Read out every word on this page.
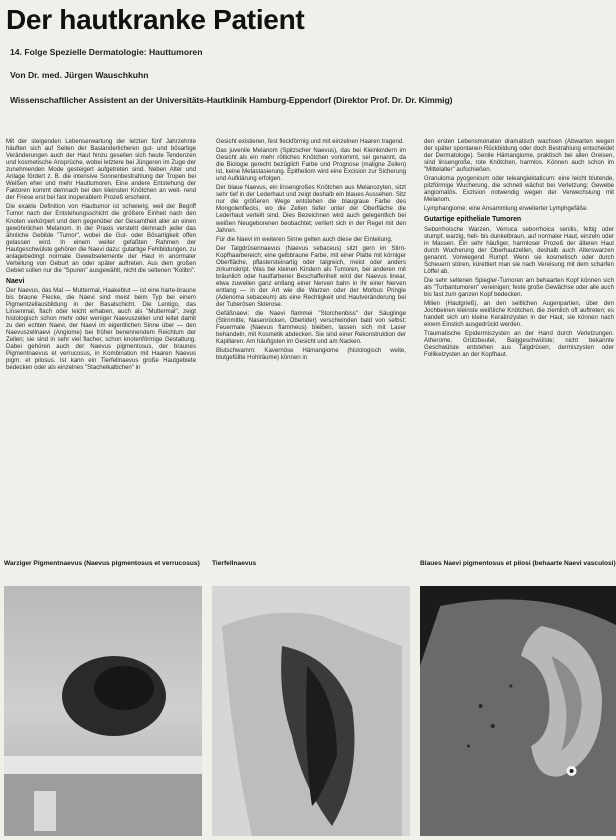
Der hautkranke Patient
14. Folge Spezielle Dermatologie: Hauttumoren
Von Dr. med. Jürgen Wauschkuhn
Wissenschaftlicher Assistent an der Universitäts-Hautklinik Hamburg-Eppendorf (Direktor Prof. Dr. Dr. Kimmig)

Mit der steigenden Lebenserwartung der letzten fünf Jahrzehnte häuften sich auf Seiten der Baslanderlicheren gut- und bösartige Veränderungen auch der Haut hinzu gesellen sich heute Tendenzen und kosmetische Ansprüche, wobei letztere bei Jüngeren im Zuge der zunehmenden Mode gesteigert aufgetreten sind. Neben Alter und Anlage fördert z. B. die intensive Sonnenbestrahlung der Tropen bei Weißen eher und mehr Hauttumoren. Eine andere Entstehung der Faktoren kommt demnach bei den kleinsten Knötchen an weit- rend der Friese erst bei fast inoperablem Prozeß erscheint.

Die exakte Definition von Hauttumor ist schwierig, weil der Begriff Tumor nach der Entstehungsschicht die größere Einheit nach den Knoten verkörpert und dem gegenüber der Gesamtheit aller an einen gewöhnlichen Melanom. In der Praxis versteht demnach jeder das ähnliche Gebilde "Tumor", wobei die Gut- oder Bösartigkeit offen gelassen wird. In einem weiter gefaßten Rahmen der Hautgeschwülste gehören die Naevi dazu: gutartige Fehlbildungen, zu anlagebedingt normale Gewebselemente der Haut in anormaler Verteilung von Geburt an oder später auftreten. Aus dem großen Gebiet sollen nur die "Spuren" ausgewählt, nicht die seltenen "Kolibri".

Naevi

Der Naevus, das Mal — Muttermal, Haakeblut — ist eine harte-braune bis braune Flecke, die Naevi sind meist beim Typ bei einem Pigmentzellausbildung in der Basalschicht. Die Lentigo, das Linsenmal, flach oder leicht erhaben, auch als "Muttermal", zeigt histologisch schon mehr oder weniger Naevuszellen und leitet damit zu den echten Naevi, der Naevi im eigentlichen Sinne über — den Naevuszellnaevi (Angiome) bei früher benennendem Reichtum der Zellen; sie sind in sehr viel flacher, schon knotenförmige Gestaltung. Dabei gehören auch der Naevus pigmentosus, der braunes Pigmentnaevus et verrucosus, in Kombination mit Haaren Naevus pigm. et pilosus. Ist kann ein Tierfellnaevus große Hautgebiete bedecken oder als einzelnes "Stachelkalbchen" in

Gesicht existieren, fest fleckförmig und mit einzelnen Haaren tragend.

Das juvenile Melanom (Spitzscher Naevus), das bei Kleinkindern im Gesicht als ein mehr rötliches Knötchen vorkommt, sei genannt, da die Biologie gerecht bezüglich Farbe und Prognose (maligne Zellen) ist, keine Metastasierung. Epitheliom wird eine Excision zur Sicherung und Aufklärung erfolgen.

Der blaue Naevus, ein linsengroßes Knötchen aus Melanozyten, sitzt sehr tief in der Lederhaut und zeigt deshalb ein blaues Aussehen. Sitz nur die größeren Wege entstehen die blaugraue Farbe des Mongolenflecks, wo die Zellen tiefer unter der Oberfläche die Lederhaut verteilt sind. Dies Bezeichnen wird auch gelegentlich bei weißen Neugeborenen beobachtet; verliert sich in der Regel mit den Jahren.

Für die Naevi im weiteren Sinne gelten auch diese der Einteilung.

Der Talgdrüsennaevus (Naevus sebaceus) sitzt gern im Stirn-Kopfhaarbereich; eine gelbbraune Farbe, mit einer Platte mit körniger Oberfläche, pflastersteinartig oder talgreich, meist oder anders zirkumskript. Was bei kleinen Kindern als Tumoren, bei anderen mit bräunlich oder hautfarbener Beschaffenheit wird der Naevus linear, etwa zuweilen ganz entlang einer Nerven bahn in ihr einer Nerven entlang — in der Art wie die Warzen oder der Morbus Pringle (Adenoma sebaceum) als eine Rechtigkeit und Hautveränderung bei der Tuberösen Sklerose.

Gefäßnaevi: die Naevi flammei "Storchenbiss" der Säuglinge (Stirnmitte, Nasenrücken, Oberlider) verschwinden bald von selbst; Feuermale (Naevus flammeus) bleiben, lassen sich mit Laser behandeln, mit Kosmetik abdecken. Sie sind einer Rekonstruktion der Kapillaren. Am häufigsten im Gesicht und am Nacken.

Blutschwamm: Kavernöse Hämangiome (histologisch weite, blutgefüllte Hohlräume) können in

den ersten Lebensmonaten dramatisch wachsen (Abwarten wegen der später spontanen Rückbildung oder doch Bestrahlung entscheidet der Dermatologe). Senile Hämangiome, praktisch bei allen Greisen, sind linsengroße, rote Knötchen, harmlos. Können auch schon im "Mittelalter" aufschießen.

Granuloma pyogenicum oder teleangiektaticum: eine leicht blutende, pilzförmige Wucherung, die schnell wächst bei Verletzung; Gewebe angiomatös. Exzision notwendig wegen der Verwechslung mit Melanom.

Lymphangiome: eine Ansammlung erweiterter Lymphgefäße.

Gutartige epitheliale Tumoren

Seborrhoische Warzen, Verruca seborrhoica senilis, fettig oder stumpf, warzig, hell- bis dunkelbraun, auf normaler Haut, einzeln oder in Massen. Ein sehr häufiger, harmloser Prozeß der älteren Haut durch Wucherung der Oberhautzellen, deshalb auch Alterswarzen genannt. Vorwiegend Rumpf. Wenn sie kosmetisch oder durch Scheuern stören, kürettiert man sie nach Vereisung mit dem scharfen Löffel ab.

Die sehr seltenen Spiegler-Tumoren am behaarten Kopf können sich als "Turbantumoren" vereinigen; feste große Gewächse oder alle auch bis fast zum ganzen Kopf bedecken.

Milien (Hautgrieß), an den seitlichen Augenpartien, über den Jochbeinen kleinste weißliche Knötchen, die ziemlich oft auftreten; es handelt sich um kleine Keratinzysten in der Haut, sie können nach einem Einstich ausgedrückt werden.

Traumatische Epidermiszysten an der Hand durch Verletzungen. Atherome, Grützbeutel, Balggeschwülste; nicht bekannte Geschwülste entstehen aus Talgdrüsen; dermiszysten oder Follikelzysten an der Kopfhaut.

Warziger Pigmentnaevus (Naevus pigmentosus et verrucosus)	Tierfellnaevus	Blaues Naevi pigmentosus et pilosi (behaarte Naevi vasculosi)
